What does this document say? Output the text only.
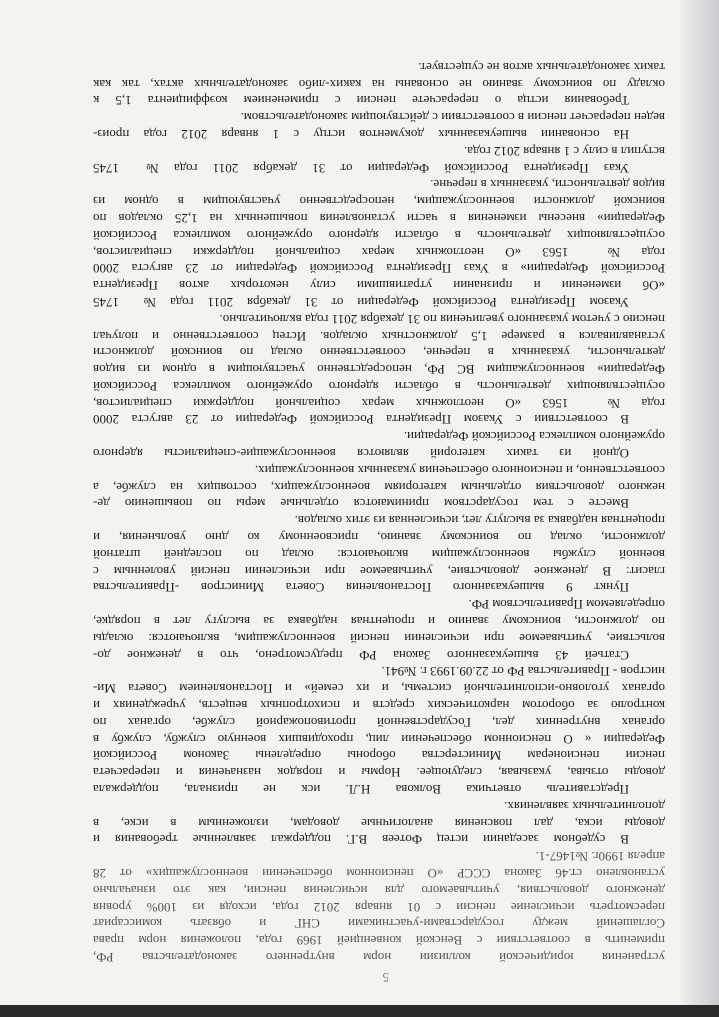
5
устранения юридической коллизии норм внутреннего законодательства РФ,
применить в соответствии с Венской конвенцией 1969 года, положения норм права
Соглашений между государствами-участниками СНГ и обязать комиссариат
пересмотреть исчисление пенсии с 01 января 2012 года, исходя из 100% уровня
денежного довольствия, учитываемого для исчисления пенсии, как это изначально
установлено ст.46 Закона СССР «О пенсионном обеспечении военнослужащих» от 28
апреля 1990г. №1467-1.
В судебном заседании истец Фотеев В.Г. поддержал заявленные требования и
доводы иска, дал пояснения аналогичные доводам, изложенным в иске, в
дополнительных заявлениях.
Представитель ответчика Волкова Н.Л. иск не признала, поддержала
доводы отзыва, указывая, следующее. Нормы и порядок назначения и перерасчета
пенсии пенсионерам Министерства обороны определены Законом Российской
Федерации « О пенсионном обеспечении лиц, проходивших военную службу, службу в
органах внутренних дел, Государственной противопожарной службе, органах по
контролю за оборотом наркотических средств и психотропных веществ, учреждениях и
органах уголовно-исполнительной системы, и их семей» и Постановлением Совета Ми-
нистров - Правительства РФ от 22.09.1993 г. №941.
Статьей 43 вышеуказанного Закона РФ предусмотрено, что в денежное до-
вольствие, учитываемое при исчислении пенсий военнослужащим, включаются: оклады
по должности, воинскому званию и процентная надбавка за выслугу лет в порядке,
определяемом Правительством РФ.
Пункт 9 вышеуказанного Постановления Совета Министров -Правительства
гласит: В денежное довольствие, учитываемое при исчислении пенсий уволенным с
военной службы военнослужащим включаются: оклад по последней штатной
должности, оклад по воинскому званию, присвоенному ко дню увольнения, и
процентная надбавка за выслугу лет, исчисленная из этих окладов.
Вместе с тем государством принимаются отдельные меры по повышению де-
нежного довольствия отдельным категориям военнослужащих, состоящих на службе, а
соответственно, и пенсионного обеспечения указанных военнослужащих.
Одной из таких категорий являются военнослужащие-специалисты ядерного
оружейного комплекса Российской Федерации.
В соответствии с Указом Президента Российской Федерации от 23 августа 2000
года № 1563 «О неотложных мерах социальной поддержки специалистов,
осуществляющих деятельность в области ядерного оружейного комплекса Российской
Федерации» военнослужащим ВС РФ, непосредственно участвующим в одном из видов
деятельности, указанных в перечне, соответственно оклад по воинской должности
устанавливался в размере 1,5 должностных окладов. Истец соответственно и получал
пенсию с учетом указанного увеличения по 31 декабря 2011 года включительно.
Указом Президента Российской Федерации от 31 декабря 2011 года № 1745
«Об изменении и признании утратившими силу некоторых актов Президента
Российской Федерации» в Указ Президента Российской Федерации от 23 августа 2000
года № 1563 «О неотложных мерах социальной поддержки специалистов,
осуществляющих деятельность в области ядерного оружейного комплекса Российской
Федерации» внесены изменения в части установления повышенных на 1,25 окладов по
воинской должности военнослужащим, непосредственно участвующим в одном из
видов деятельности, указанных в перечне.
Указ Президента Российской Федерации от 31 декабря 2011 года № 1745
вступил в силу с 1 января 2012 года.
На основании вышеуказанных документов истцу с 1 января 2012 года произ-
веден перерасчет пенсии в соответствии с действующим законодательством.
Требования истца о перерасчете пенсии с применением коэффициента 1,5 к
окладу по воинскому званию не основаны на каких-либо законодательных актах, так как
таких законодательных актов не существует.
